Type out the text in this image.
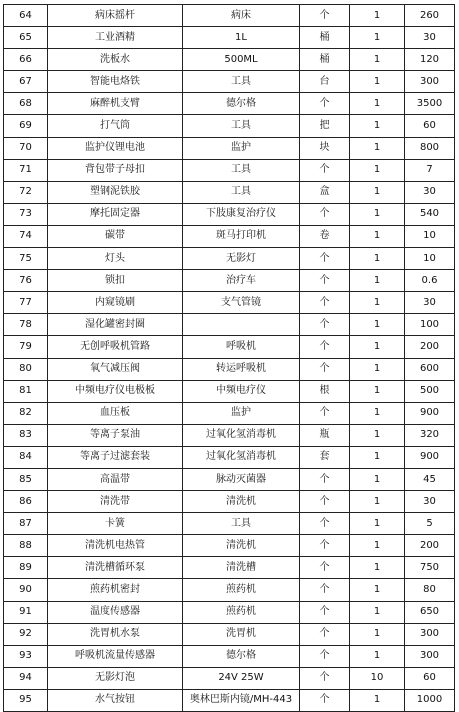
64	病床摇杆	病床	个	1	260
65	工业酒精	1L	桶	1	30
66	洗板水	500ML	桶	1	120
67	智能电烙铁	工具	台	1	300
68	麻醉机支臂	德尔格	个	1	3500
69	打气筒	工具	把	1	60
70	监护仪锂电池	监护	块	1	800
71	背包带子母扣	工具	个	1	7
72	塑钢泥铁胶	工具	盒	1	30
73	摩托固定器	下肢康复治疗仪	个	1	540
74	碳带	斑马打印机	卷	1	10
75	灯头	无影灯	个	1	10
76	锁扣	治疗车	个	1	0.6
77	内窥镜刷	支气管镜	个	1	30
78	湿化罐密封圈		个	1	100
79	无创呼吸机管路	呼吸机	个	1	200
80	氧气减压阀	转运呼吸机	个	1	600
81	中频电疗仪电极板	中频电疗仪	根	1	500
82	血压板	监护	个	1	900
83	等离子泵油	过氧化氢消毒机	瓶	1	320
84	等离子过滤套装	过氧化氢消毒机	套	1	900
85	高温带	脉动灭菌器	个	1	45
86	清洗带	清洗机	个	1	30
87	卡簧	工具	个	1	5
88	清洗机电热管	清洗机	个	1	200
89	清洗槽循环泵	清洗槽	个	1	750
90	煎药机密封	煎药机	个	1	80
91	温度传感器	煎药机	个	1	650
92	洗胃机水泵	洗胃机	个	1	300
93	呼吸机流量传感器	德尔格	个	1	300
94	无影灯泡	24V 25W	个	10	60
95	水气按钮	奥林巴斯内镜/MH-443	个	1	1000
